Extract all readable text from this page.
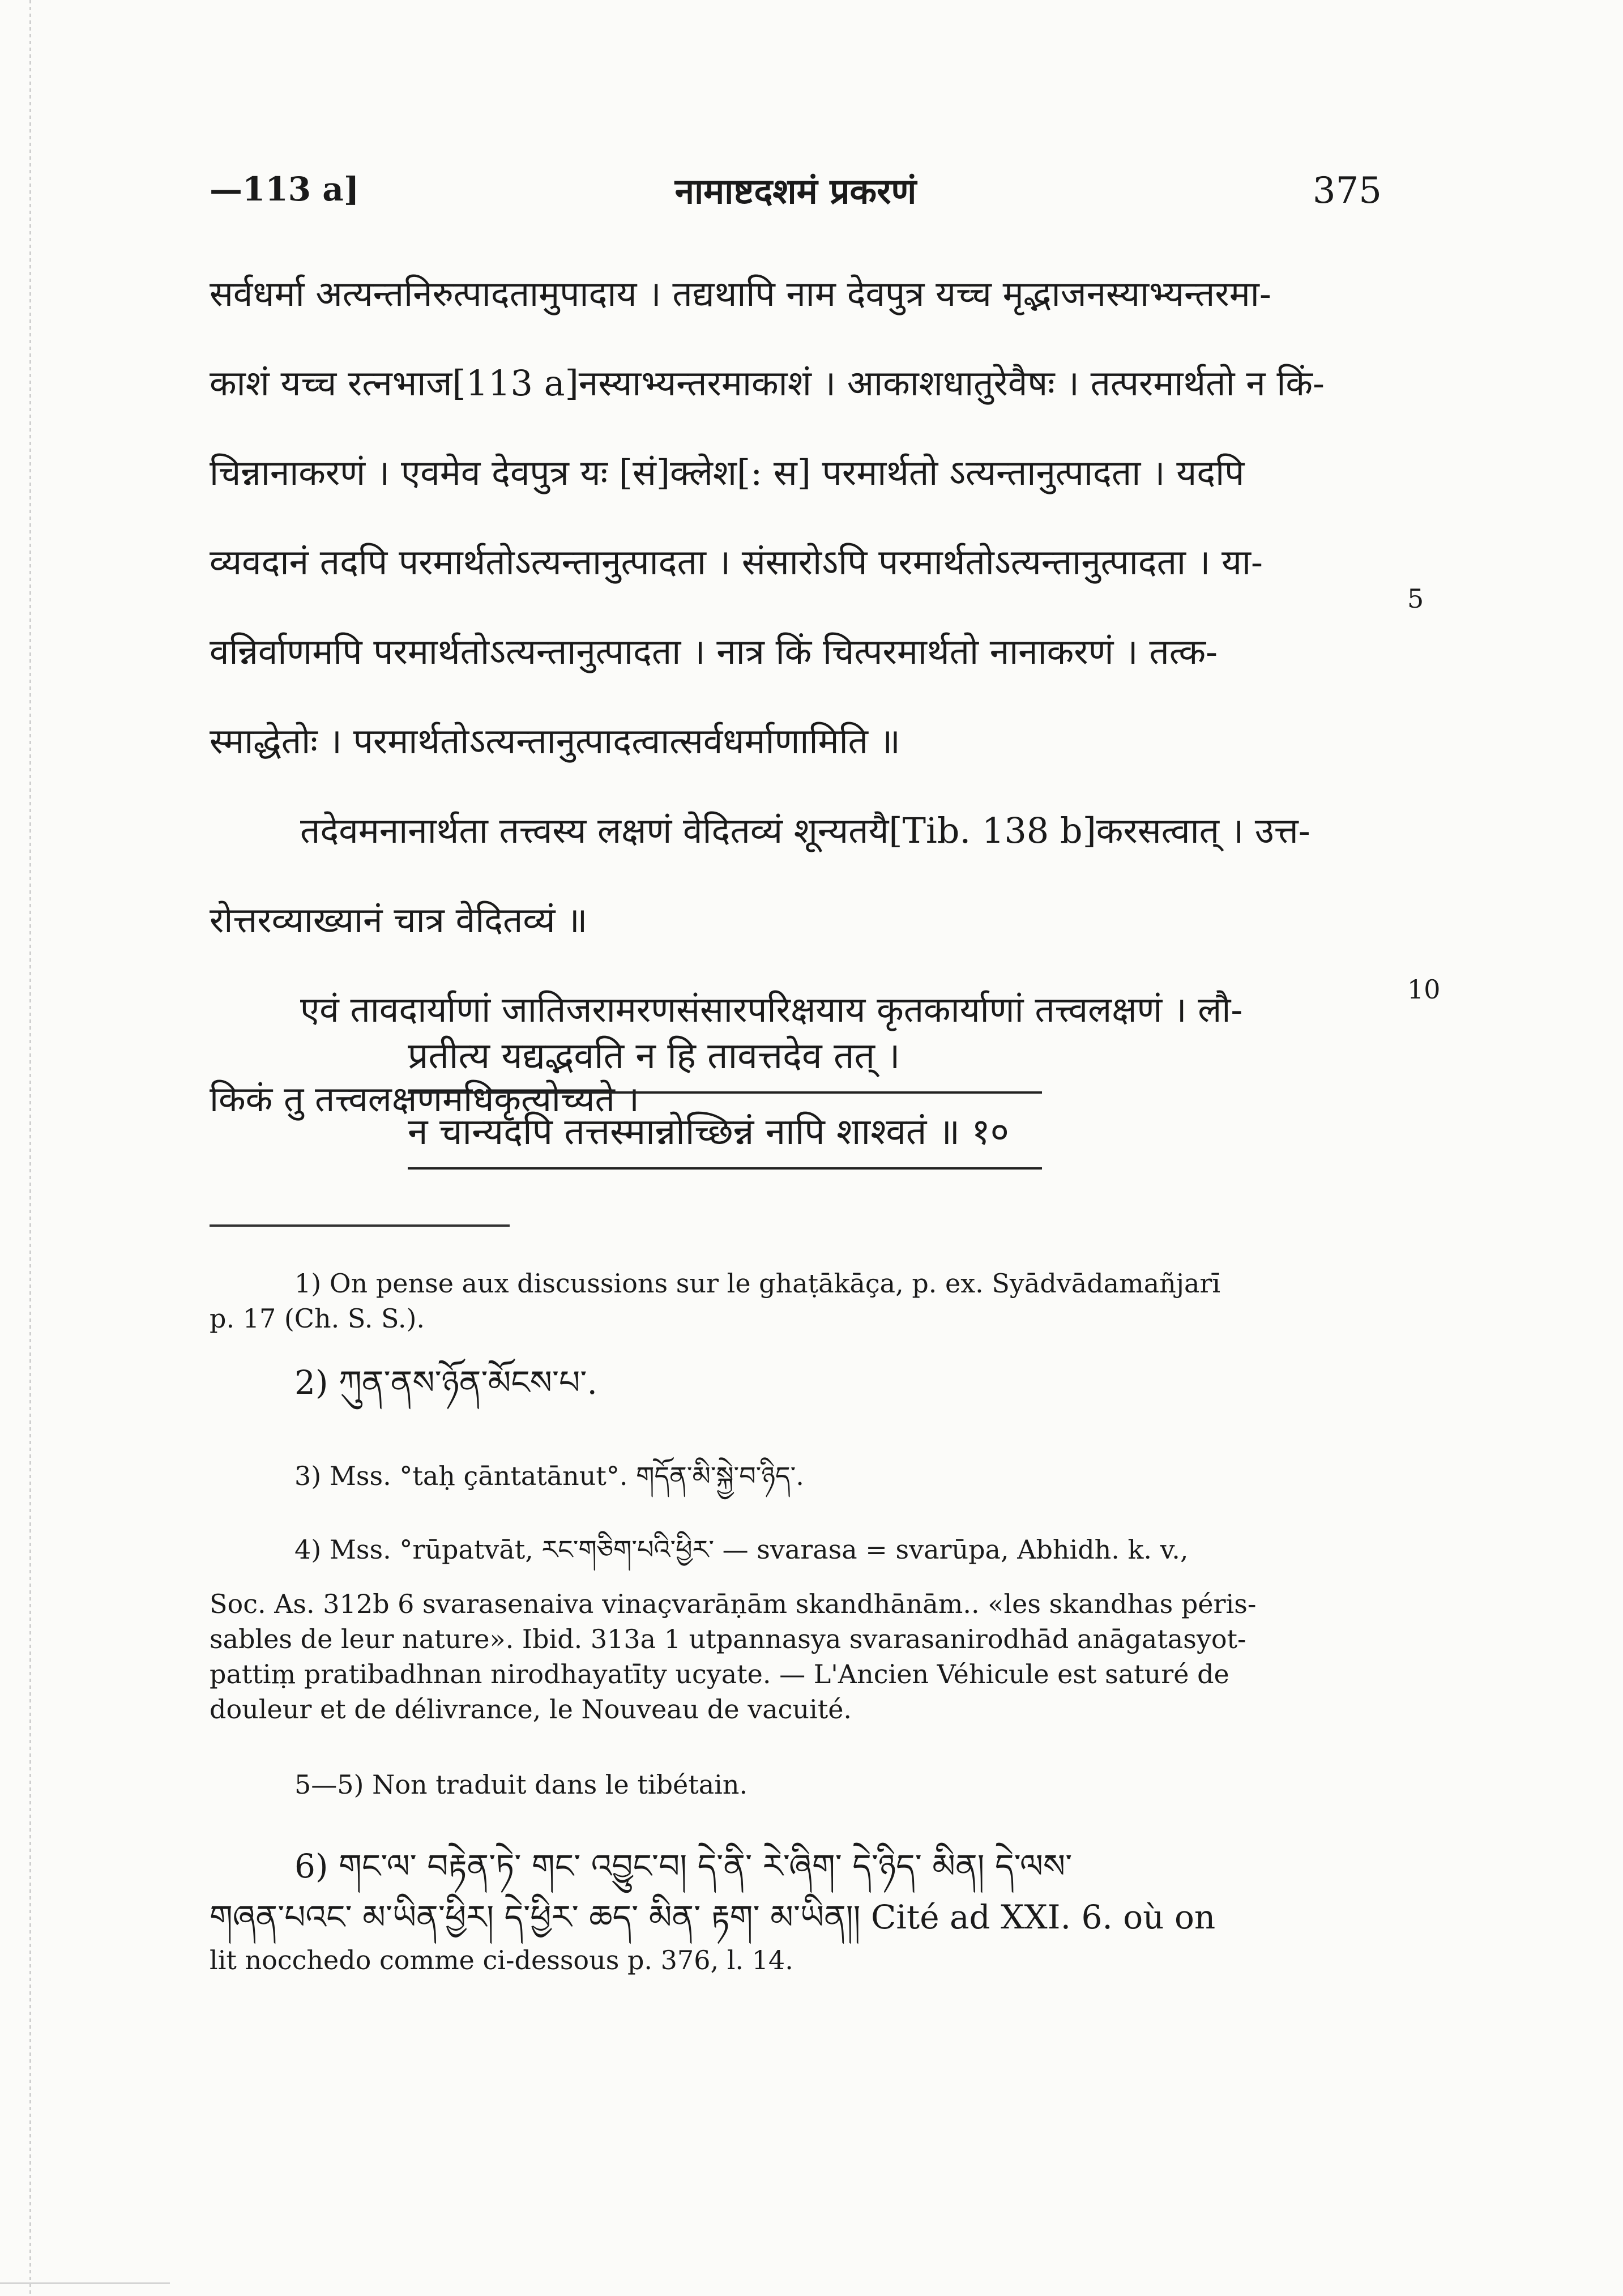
—113 a]	नामाष्टदशमं प्रकरणं	375
सर्वधर्मा अत्यन्तनिरुत्पादतामुपादाय । तद्यथापि नाम देवपुत्र यच्च मृद्भाजनस्याभ्यन्तरमा-
काशं यच्च रत्नभाज[113 a]नस्याभ्यन्तरमाकाशं । आकाशधातुरेवैषः । तत्परमार्थतो न किं-
चिन्नानाकरणं । एवमेव देवपुत्र यः [सं]क्लेश[: स] परमार्थतो ऽत्यन्तानुत्पादता । यदपि
व्यवदानं तदपि परमार्थतोऽत्यन्तानुत्पादता । संसारोऽपि परमार्थतोऽत्यन्तानुत्पादता । या-
वन्निर्वाणमपि परमार्थतोऽत्यन्तानुत्पादता । नात्र किं चित्परमार्थतो नानाकरणं । तत्क-
स्माद्धेतोः । परमार्थतोऽत्यन्तानुत्पादत्वात्सर्वधर्माणामिति ॥
तदेवमनानार्थता तत्त्वस्य लक्षणं वेदितव्यं शून्यतयै[Tib. 138 b]करसत्वात् । उत्त-
रोत्तरव्याख्यानं चात्र वेदितव्यं ॥
एवं तावदार्याणां जातिजरामरणसंसारपरिक्षयाय कृतकार्याणां तत्त्वलक्षणं । लौ-
किकं तु तत्त्वलक्षणमधिकृत्योच्यते ।
5
10
प्रतीत्य यद्यद्भवति न हि तावत्तदेव तत् ।
न चान्यदपि तत्तस्मान्नोच्छिन्नं नापि शाश्वतं ॥ १०

1) On pense aux discussions sur le ghaṭākāça, p. ex. Syādvādamañjarī

p. 17 (Ch. S. S.).

2) ཀུན་ནས་ཉོན་མོངས་པ་.

3) Mss. °taḥ çāntatānut°. གདོན་མི་སྐྱེ་བ་ཉིད་.

4) Mss. °rūpatvāt, རང་གཅིག་པའི་ཕྱིར་ — svarasa = svarūpa, Abhidh. k. v.,

Soc. As. 312b 6 svarasenaiva vinaçvarāṇām skandhānām.. «les skandhas péris-

sables de leur nature». Ibid. 313a 1 utpannasya svarasanirodhād anāgatasyot-

pattiṃ pratibadhnan nirodhayatīty ucyate. — L'Ancien Véhicule est saturé de

douleur et de délivrance, le Nouveau de vacuité.

5—5) Non traduit dans le tibétain.

6) གང་ལ་ བརྟེན་ཏེ་ གང་ འབྱུང་བ། དེ་ནི་ རེ་ཞིག་ དེ་ཉིད་ མིན། དེ་ལས་

གཞན་པའང་ མ་ཡིན་ཕྱིར། དེ་ཕྱིར་ ཆད་ མིན་ རྟག་ མ་ཡིན།། Cité ad XXI. 6. où on

lit nocchedo comme ci-dessous p. 376, l. 14.
